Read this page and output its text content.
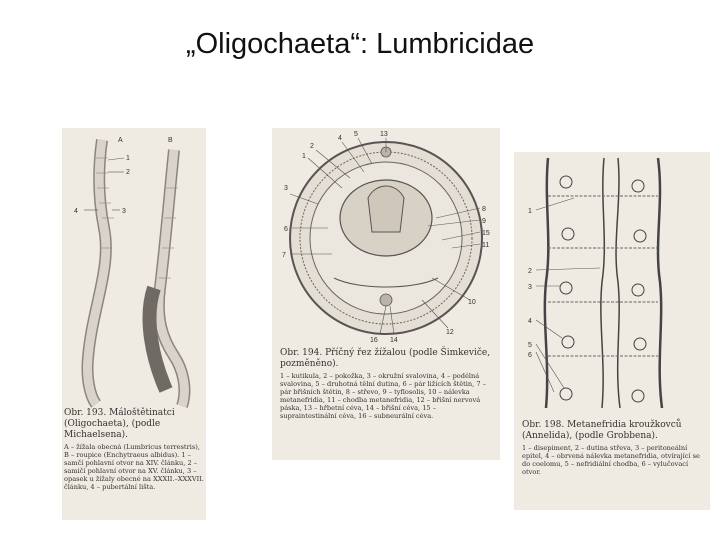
„Oligochaeta“: Lumbricidae
A	B
1
2
3
4
Obr. 193. Máloštětinatci (Oligochaeta), (podle Michaelsena).
A – žížala obecná (Lumbricus terrestris), B – roupice (Enchytraeus albidus). 1 – samčí pohlavní otvor na XIV. článku, 2 – samičí pohlavní otvor na XV. článku, 3 – opasek u žížaly obecné na XXXII.–XXXVII. článku, 4 – pubertální lišta.
1
2
3
4
5
6
7
8
9
10
11
12
13
14
15
16
Obr. 194. Příčný řez žížalou (podle Šimkeviče, pozměněno).
1 – kutikula, 2 – pokožka, 3 – okružní svalovina, 4 – podélná svalovina, 5 – druhotná tělní dutina, 6 – pár ližících štětin, 7 – pár břišních štětin, 8 – střevo, 9 – tyflosolis, 10 – nálevka metanefridia, 11 – chodba metanefridia, 12 – břišní nervová páska, 13 – hřbetní céva, 14 – břišní céva, 15 – supraintestinální céva, 16 – subneurální céva.
1
2
3
4
5
6
Obr. 198. Metanefridia kroužkovců (Annelida), (podle Grobbena).
1 – disepiment, 2 – dutina střeva, 3 – peritoneální epitel, 4 – obrvená nálevka metanefridia, otvírající se do coelomu, 5 – nefridiální chodba, 6 – vylučovací otvor.
